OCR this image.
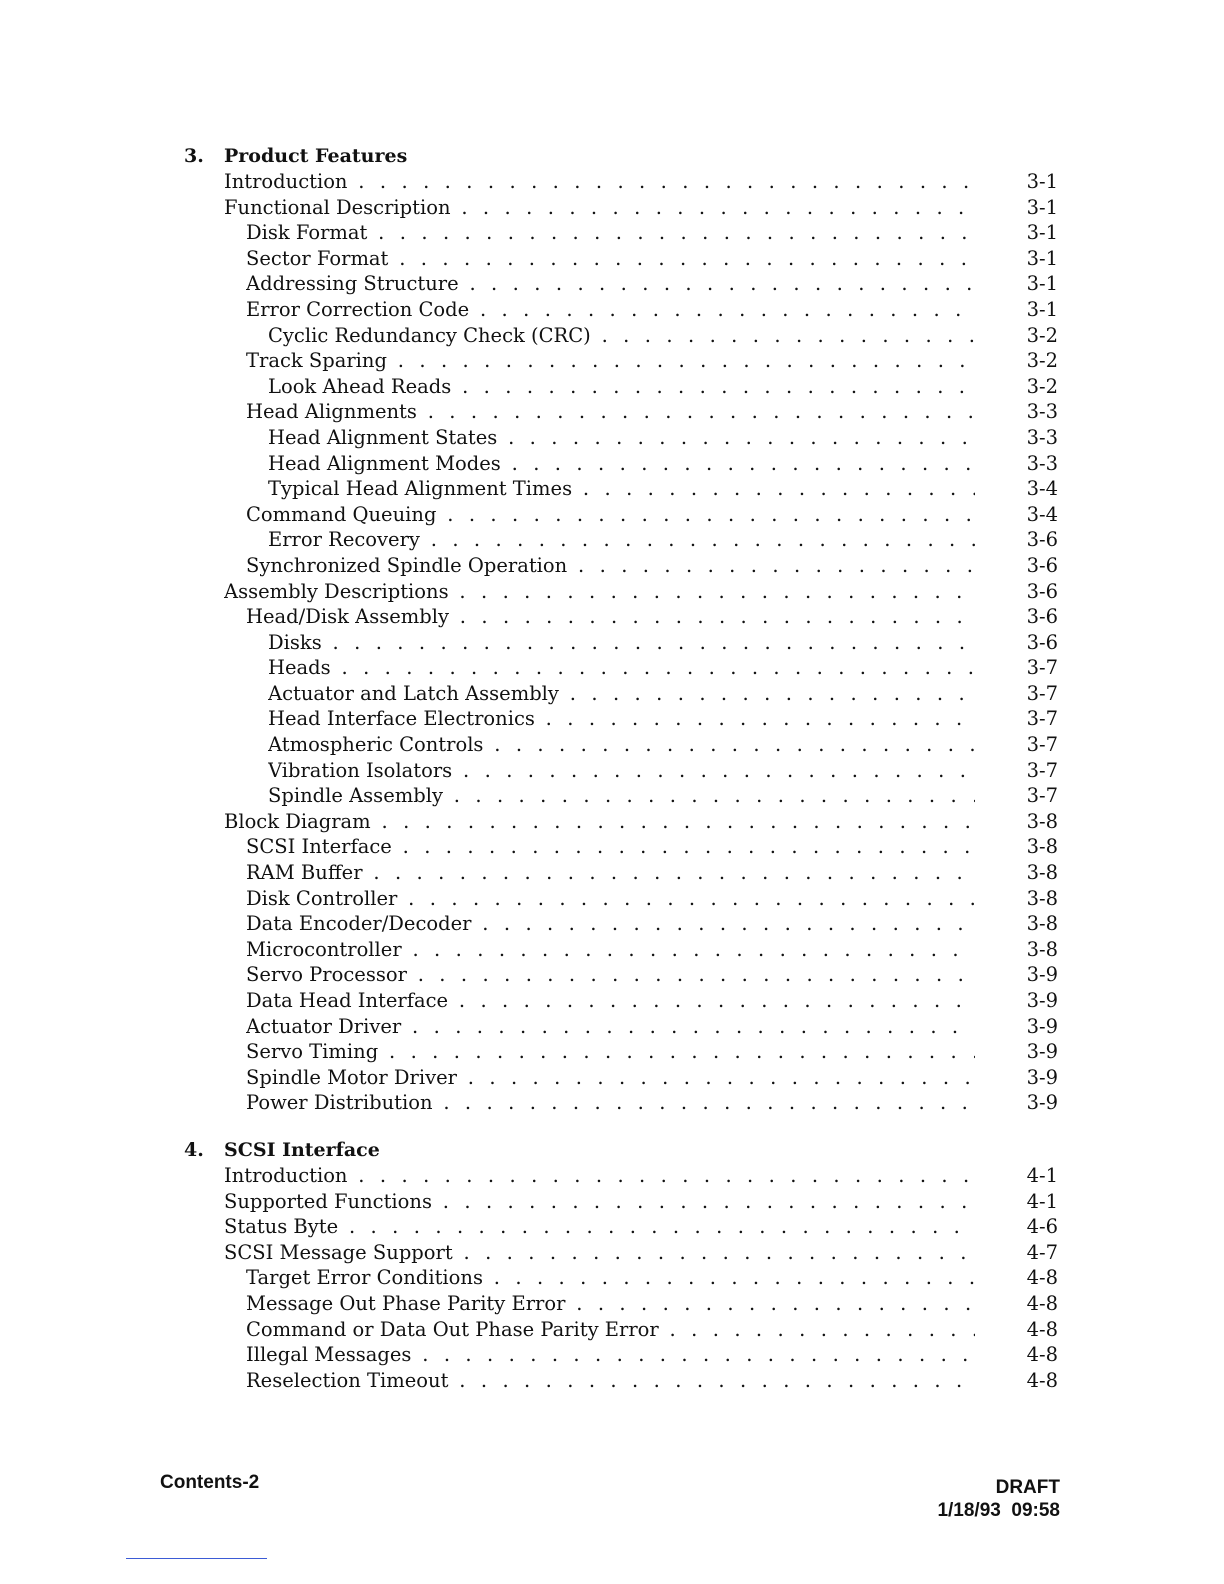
3. Product Features
Introduction . . .	3-1
Functional Description . . .	3-1
Disk Format . . .	3-1
Sector Format . . .	3-1
Addressing Structure . . .	3-1
Error Correction Code . . .	3-1
Cyclic Redundancy Check (CRC) . . .	3-2
Track Sparing . . .	3-2
Look Ahead Reads . . .	3-2
Head Alignments . . .	3-3
Head Alignment States . . .	3-3
Head Alignment Modes . . .	3-3
Typical Head Alignment Times . . .	3-4
Command Queuing . . .	3-4
Error Recovery . . .	3-6
Synchronized Spindle Operation . . .	3-6
Assembly Descriptions . . .	3-6
Head/Disk Assembly . . .	3-6
Disks . . .	3-6
Heads . . .	3-7
Actuator and Latch Assembly . . .	3-7
Head Interface Electronics . . .	3-7
Atmospheric Controls . . .	3-7
Vibration Isolators . . .	3-7
Spindle Assembly . . .	3-7
Block Diagram . . .	3-8
SCSI Interface . . .	3-8
RAM Buffer . . .	3-8
Disk Controller . . .	3-8
Data Encoder/Decoder . . .	3-8
Microcontroller . . .	3-8
Servo Processor . . .	3-9
Data Head Interface . . .	3-9
Actuator Driver . . .	3-9
Servo Timing . . .	3-9
Spindle Motor Driver . . .	3-9
Power Distribution . . .	3-9
4. SCSI Interface
Introduction . . .	4-1
Supported Functions . . .	4-1
Status Byte . . .	4-6
SCSI Message Support . . .	4-7
Target Error Conditions . . .	4-8
Message Out Phase Parity Error . . .	4-8
Command or Data Out Phase Parity Error . . .	4-8
Illegal Messages . . .	4-8
Reselection Timeout . . .	4-8
Contents-2	DRAFT
1/18/93  09:58
